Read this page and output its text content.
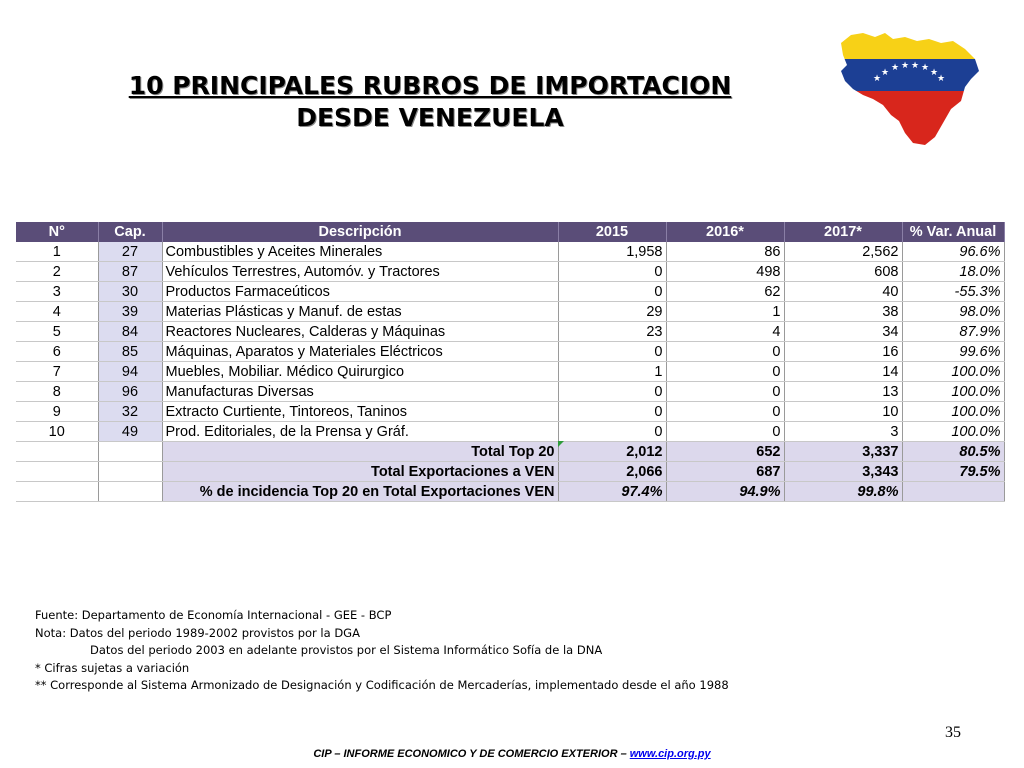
10 PRINCIPALES RUBROS DE IMPORTACION
DESDE VENEZUELA
★ ★ ★ ★ ★ ★
★	★
N°	Cap.	Descripción	2015	2016*	2017*	% Var. Anual
1	27	Combustibles y Aceites Minerales	1,958	86	2,562	96.6%
2	87	Vehículos Terrestres, Automóv. y Tractores	0	498	608	18.0%
3	30	Productos Farmaceúticos	0	62	40	-55.3%
4	39	Materias Plásticas y Manuf. de estas	29	1	38	98.0%
5	84	Reactores Nucleares, Calderas y Máquinas	23	4	34	87.9%
6	85	Máquinas, Aparatos y Materiales Eléctricos	0	0	16	99.6%
7	94	Muebles, Mobiliar. Médico Quirurgico	1	0	14	100.0%
8	96	Manufacturas Diversas	0	0	13	100.0%
9	32	Extracto Curtiente, Tintoreos, Taninos	0	0	10	100.0%
10	49	Prod. Editoriales, de la Prensa y Gráf.	0	0	3	100.0%
		Total Top 20	2,012	652	3,337	80.5%
		Total Exportaciones a VEN	2,066	687	3,343	79.5%
		% de incidencia Top 20 en Total Exportaciones VEN	97.4%	94.9%	99.8%	
Fuente: Departamento de Economía Internacional - GEE - BCP
Nota: Datos del periodo 1989-2002 provistos por la DGA
Datos del periodo 2003 en adelante provistos por el Sistema Informático Sofía de la DNA
* Cifras sujetas a variación
** Corresponde al Sistema Armonizado de Designación y Codificación de Mercaderías, implementado desde el año 1988
35
CIP – INFORME ECONOMICO Y DE COMERCIO EXTERIOR – www.cip.org.py
